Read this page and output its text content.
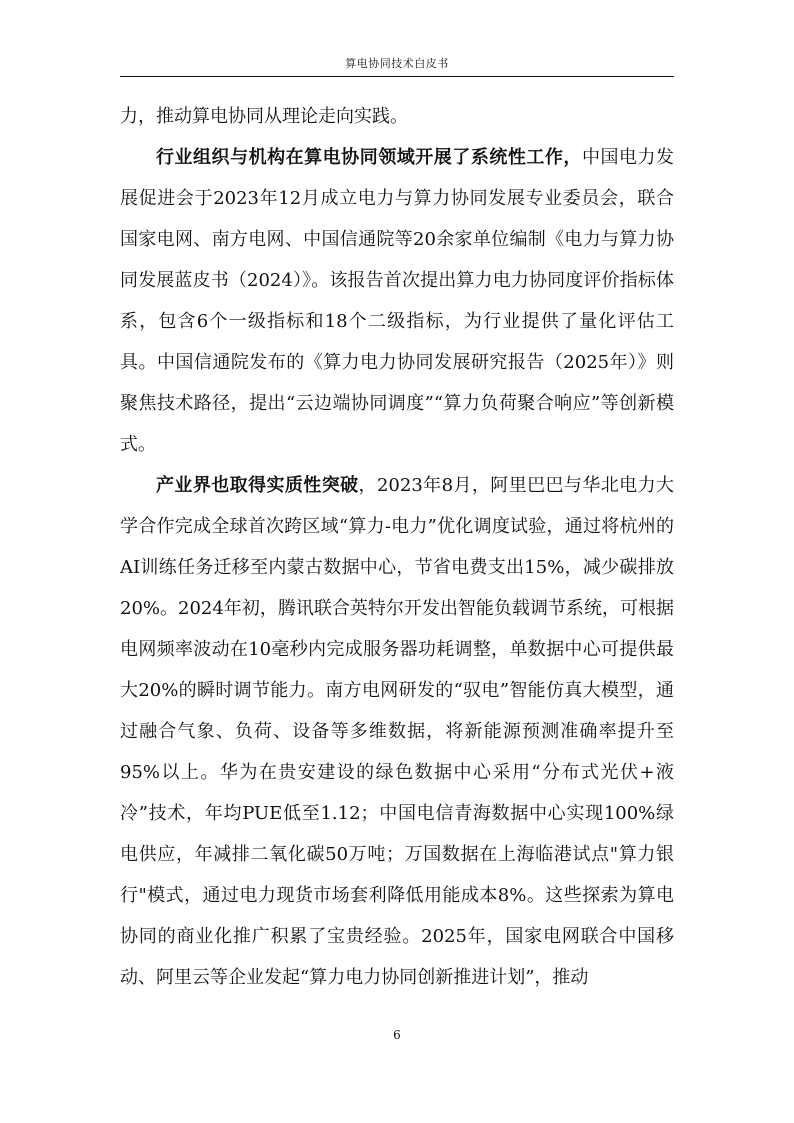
算电协同技术白皮书

力，推动算电协同从理论走向实践。

行业组织与机构在算电协同领域开展了系统性工作，中国电力发展促进会于2023年12月成立电力与算力协同发展专业委员会，联合国家电网、南方电网、中国信通院等20余家单位编制《电力与算力协同发展蓝皮书（2024）》。该报告首次提出算力电力协同度评价指标体系，包含6个一级指标和18个二级指标，为行业提供了量化评估工具。中国信通院发布的《算力电力协同发展研究报告（2025年）》则聚焦技术路径，提出“云边端协同调度”“算力负荷聚合响应”等创新模式。

产业界也取得实质性突破，2023年8月，阿里巴巴与华北电力大学合作完成全球首次跨区域“算力-电力”优化调度试验，通过将杭州的AI训练任务迁移至内蒙古数据中心，节省电费支出15%，减少碳排放20%。2024年初，腾讯联合英特尔开发出智能负载调节系统，可根据电网频率波动在10毫秒内完成服务器功耗调整，单数据中心可提供最大20%的瞬时调节能力。南方电网研发的“驭电”智能仿真大模型，通过融合气象、负荷、设备等多维数据，将新能源预测准确率提升至95%以上。华为在贵安建设的绿色数据中心采用“分布式光伏+液冷”技术，年均PUE低至1.12；中国电信青海数据中心实现100%绿电供应，年减排二氧化碳50万吨；万国数据在上海临港试点"算力银行"模式，通过电力现货市场套利降低用能成本8%。这些探索为算电协同的商业化推广积累了宝贵经验。2025年，国家电网联合中国移动、阿里云等企业发起“算力电力协同创新推进计划”，推动

6
